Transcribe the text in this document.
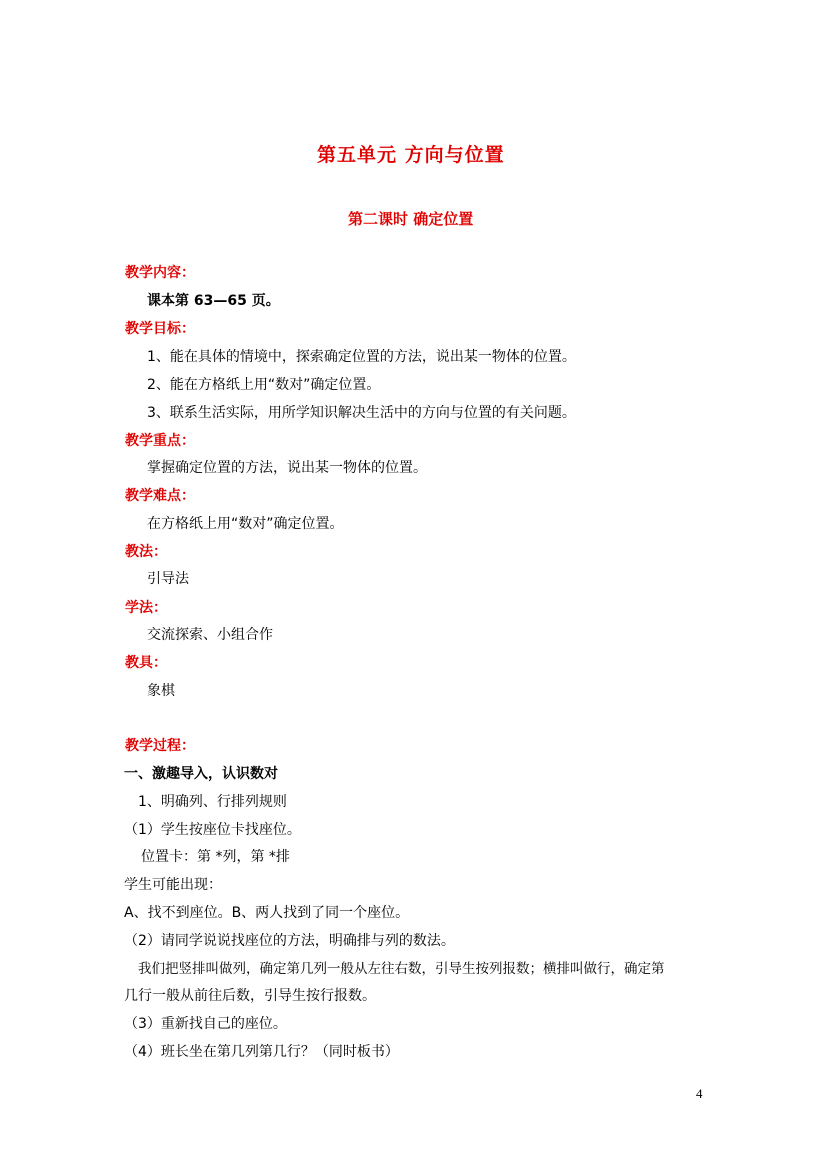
第五单元 方向与位置
第二课时 确定位置
教学内容：
课本第 63—65 页。
教学目标：
1、能在具体的情境中，探索确定位置的方法，说出某一物体的位置。
2、能在方格纸上用“数对”确定位置。
3、联系生活实际，用所学知识解决生活中的方向与位置的有关问题。
教学重点：
掌握确定位置的方法，说出某一物体的位置。
教学难点：
在方格纸上用“数对”确定位置。
教法：
引导法
学法：
交流探索、小组合作
教具：
象棋
教学过程：
一、激趣导入，认识数对
1、明确列、行排列规则
（1）学生按座位卡找座位。
位置卡：第 *列，第 *排
学生可能出现：
A、找不到座位。B、两人找到了同一个座位。
（2）请同学说说找座位的方法，明确排与列的数法。
我们把竖排叫做列，确定第几列一般从左往右数，引导生按列报数；横排叫做行，确定第
几行一般从前往后数，引导生按行报数。
（3）重新找自己的座位。
（4）班长坐在第几列第几行？（同时板书）
4
